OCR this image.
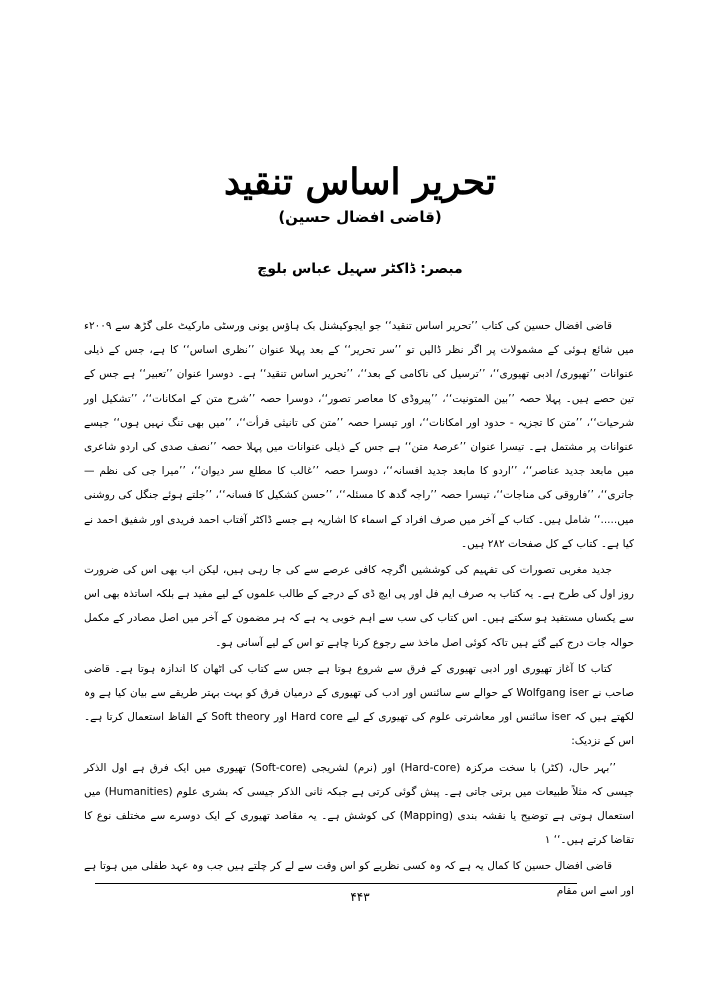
تحریر اساس تنقید
(قاضی افضال حسین)
مبصر: ڈاکٹر سہیل عباس بلوچ

قاضی افضال حسین کی کتاب ’’تحریر اساس تنقید‘‘ جو ایجوکیشنل بک ہاؤس یونی ورسٹی مارکیٹ علی گڑھ سے ۲۰۰۹ء میں شائع ہوئی کے مشمولات پر اگر نظر ڈالیں تو ’’سر تحریر‘‘ کے بعد پہلا عنوان ’’نظری اساس‘‘ کا ہے، جس کے ذیلی عنوانات ’’تھیوری/ ادبی تھیوری‘‘، ’’ترسیل کی ناکامی کے بعد‘‘، ’’تحریر اساس تنقید‘‘ ہے۔ دوسرا عنوان ’’تعبیر‘‘ ہے جس کے تین حصے ہیں۔ پہلا حصہ ’’بین المتونیت‘‘، ’’پیروڈی کا معاصر تصور‘‘، دوسرا حصہ ’’شرح متن کے امکانات‘‘، ’’تشکیل اور شرحیات‘‘، ’’متن کا تجزیہ - حدود اور امکانات‘‘، اور تیسرا حصہ ’’متن کی تانیثی قرأت‘‘، ’’میں بھی تنگ نہیں ہوں‘‘ جیسے عنوانات پر مشتمل ہے۔ تیسرا عنوان ’’عرصۂ متن‘‘ ہے جس کے ذیلی عنوانات میں پہلا حصہ ’’نصف صدی کی اردو شاعری میں مابعد جدید عناصر‘‘، ’’اردو کا مابعد جدید افسانہ‘‘، دوسرا حصہ ’’غالب کا مطلع سر دیوان‘‘، ’’میرا جی کی نظم — جاتری‘‘، ’’فاروقی کی مناجات‘‘، تیسرا حصہ ’’راجہ گدھ کا مسئلہ‘‘، ’’حسن کشکیل کا فسانہ‘‘، ’’جلتے ہوئے جنگل کی روشنی میں.....‘‘ شامل ہیں۔ کتاب کے آخر میں صرف افراد کے اسماء کا اشاریہ ہے جسے ڈاکٹر آفتاب احمد فریدی اور شفیق احمد نے کیا ہے۔ کتاب کے کل صفحات ۲۸۲ ہیں۔

جدید مغربی تصورات کی تفہیم کی کوششیں اگرچہ کافی عرصے سے کی جا رہی ہیں، لیکن اب بھی اس کی ضرورت روز اول کی طرح ہے۔ یہ کتاب بہ صرف ایم فل اور پی ایچ ڈی کے درجے کے طالب علموں کے لیے مفید ہے بلکہ اساتذہ بھی اس سے یکساں مستفید ہو سکتے ہیں۔ اس کتاب کی سب سے اہم خوبی یہ ہے کہ ہر مضمون کے آخر میں اصل مصادر کے مکمل حوالہ جات درج کیے گئے ہیں تاکہ کوئی اصل ماخذ سے رجوع کرنا چاہے تو اس کے لیے آسانی ہو۔

کتاب کا آغاز تھیوری اور ادبی تھیوری کے فرق سے شروع ہوتا ہے جس سے کتاب کی اٹھان کا اندازہ ہوتا ہے۔ قاضی صاحب نے Wolfgang iser کے حوالے سے سائنس اور ادب کی تھیوری کے درمیان فرق کو بہت بہتر طریقے سے بیان کیا ہے وہ لکھتے ہیں کہ iser سائنس اور معاشرتی علوم کی تھیوری کے لیے Hard core اور Soft theory کے الفاظ استعمال کرتا ہے۔ اس کے نزدیک:

’’بہر حال، (کٹر) با سخت مرکزہ (Hard-core) اور (نرم) لشریجی (Soft-core) تھیوری میں ایک فرق ہے اول الذکر جیسی کہ مثلاً طبیعات میں برتی جاتی ہے۔ پیش گوئی کرتی ہے جبکہ ثانی الذکر جیسی کہ بشری علوم (Humanities) میں استعمال ہوتی ہے توضیح یا نقشہ بندی (Mapping) کی کوشش ہے۔ یہ مقاصد تھیوری کے ایک دوسرے سے مختلف نوع کا تقاضا کرتے ہیں۔‘‘ ۱

قاضی افضال حسین کا کمال یہ ہے کہ وہ کسی نظریے کو اس وقت سے لے کر چلتے ہیں جب وہ عہد طفلی میں ہوتا ہے اور اسے اس مقام

۴۴۳
